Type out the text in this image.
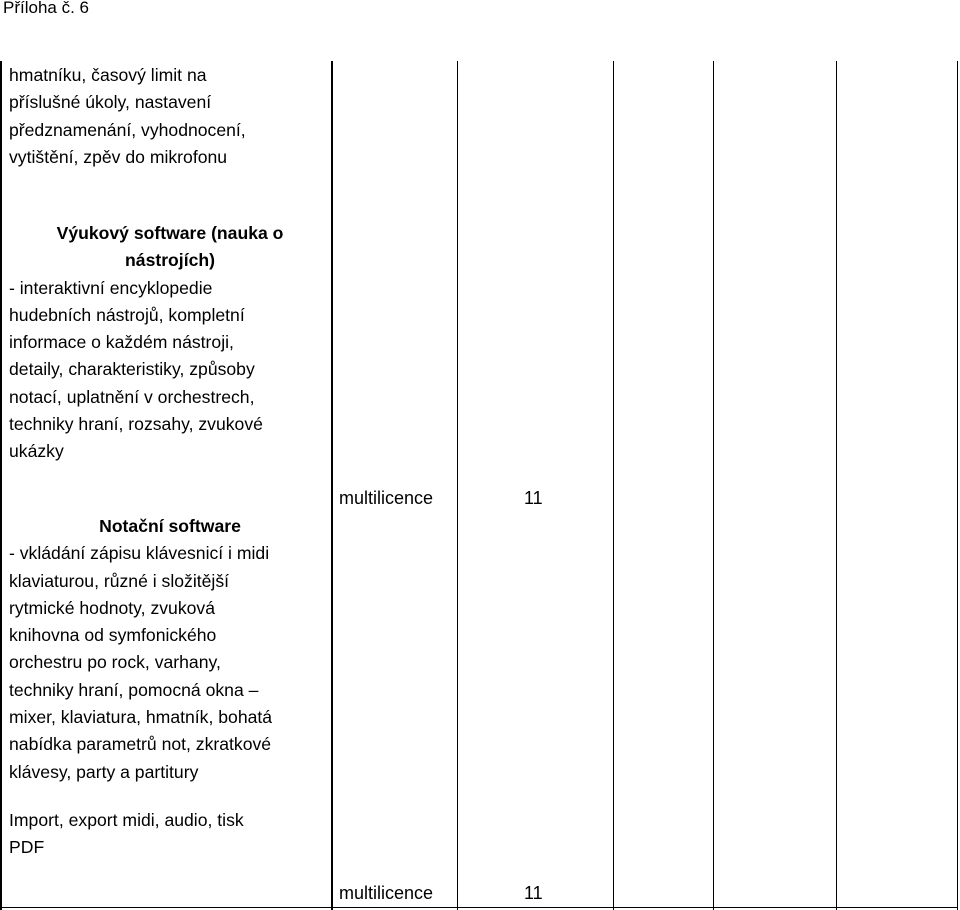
Příloha č. 6

hmatníku, časový limit na

příslušné úkoly, nastavení

předznamenání, vyhodnocení,

vytištění, zpěv do mikrofonu

Výukový software (nauka o

nástrojích)

- interaktivní encyklopedie

hudebních nástrojů, kompletní

informace o každém nástroji,

detaily, charakteristiky, způsoby

notací, uplatnění v orchestrech,

techniky hraní, rozsahy, zvukové

ukázky

multilicence	11

Notační software

- vkládání zápisu klávesnicí i midi

klaviaturou, různé i složitější

rytmické hodnoty, zvuková

knihovna od symfonického

orchestru po rock, varhany,

techniky hraní, pomocná okna –

mixer, klaviatura, hmatník, bohatá

nabídka parametrů not, zkratkové

klávesy, party a partitury

Import, export midi, audio, tisk

PDF

multilicence	11
